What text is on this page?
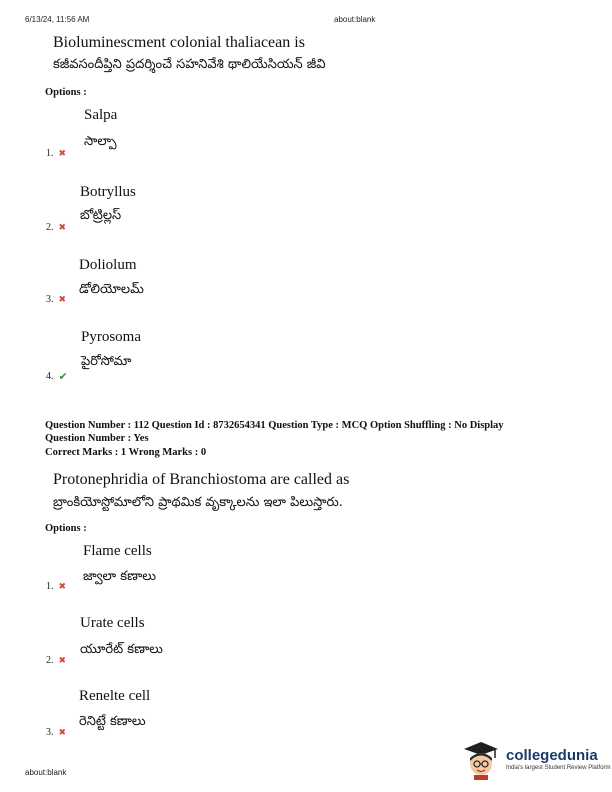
6/13/24, 11:56 AM	about:blank
Bioluminescment colonial thaliacean is
కజీవసందీప్తిని ప్రదర్శించే సహనివేశి థాలియేసియన్ జీవి
Options :
Salpa
సాల్పా
1. ✖
Botryllus
బోట్రిల్లస్
2. ✖
Doliolum
డోలియోలమ్
3. ✖
Pyrosoma
పైరోసోమా
4. ✔
Question Number : 112 Question Id : 8732654341 Question Type : MCQ Option Shuffling : No Display
Question Number : Yes
Correct Marks : 1 Wrong Marks : 0
Protonephridia of Branchiostoma are called as
బ్రాంకియోస్టోమాలోని ప్రాథమిక వృక్కాలను ఇలా పిలుస్తారు.
Options :
Flame cells
జ్వాలా కణాలు
1. ✖
Urate cells
యూరేట్ కణాలు
2. ✖
Renelte cell
రెనిట్టే కణాలు
3. ✖
about:blank
collegedunia
India's largest Student Review Platform
